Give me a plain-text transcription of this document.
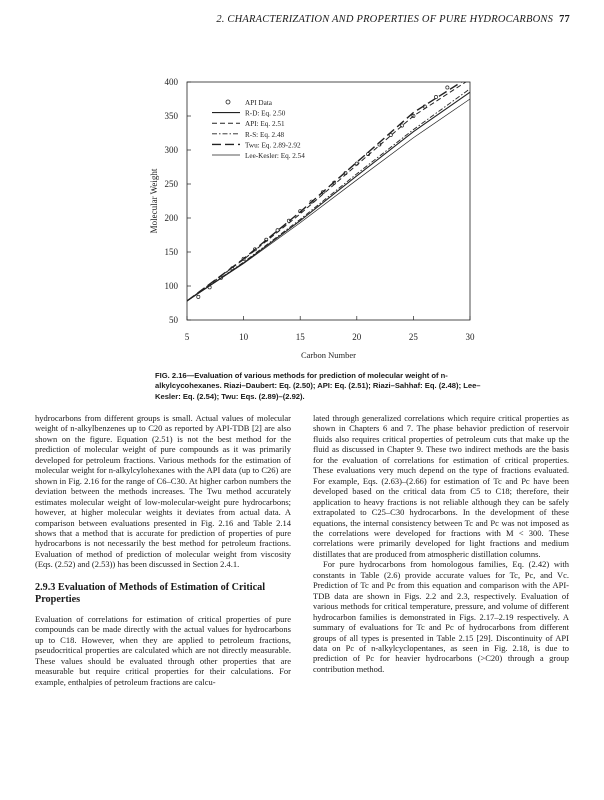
2. CHARACTERIZATION AND PROPERTIES OF PURE HYDROCARBONS 77
5	10	15	20	25	30
50
100
150
200
250
300
350
400
Carbon Number
Molecular Weight
API Data
R-D: Eq. 2.50
API: Eq. 2.51
R-S: Eq. 2.48
Twu: Eq. 2.89-2.92
Lee-Kesler: Eq. 2.54
FIG. 2.16—Evaluation of various methods for prediction of molecular weight of n-alkylcycohexanes. Riazi–Daubert: Eq. (2.50); API: Eq. (2.51); Riazi–Sahhaf: Eq. (2.48); Lee–Kesler: Eq. (2.54); Twu: Eqs. (2.89)–(2.92).

hydrocarbons from different groups is small. Actual values of molecular weight of n-alkylbenzenes up to C20 as reported by API-TDB [2] are also shown on the figure. Equation (2.51) is not the best method for the prediction of molecular weight of pure compounds as it was primarily developed for petroleum fractions. Various methods for the estimation of molecular weight for n-alkylcylohexanes with the API data (up to C26) are shown in Fig. 2.16 for the range of C6–C30. At higher carbon numbers the deviation between the methods increases. The Twu method accurately estimates molecular weight of low-molecular-weight pure hydrocarbons; however, at higher molecular weights it deviates from actual data. A comparison between evaluations presented in Fig. 2.16 and Table 2.14 shows that a method that is accurate for prediction of properties of pure hydrocarbons is not necessarily the best method for petroleum fractions. Evaluation of method of prediction of molecular weight from viscosity (Eqs. (2.52) and (2.53)) has been discussed in Section 2.4.1.

2.9.3 Evaluation of Methods of Estimation of Critical Properties

Evaluation of correlations for estimation of critical properties of pure compounds can be made directly with the actual values for hydrocarbons up to C18. However, when they are applied to petroleum fractions, pseudocritical properties are calculated which are not directly measurable. These values should be evaluated through other properties that are measurable but require critical properties for their calculations. For example, enthalpies of petroleum fractions are calcu-

lated through generalized correlations which require critical properties as shown in Chapters 6 and 7. The phase behavior prediction of reservoir fluids also requires critical properties of petroleum cuts that make up the fluid as discussed in Chapter 9. These two indirect methods are the basis for the evaluation of correlations for estimation of critical properties. These evaluations very much depend on the type of fractions evaluated. For example, Eqs. (2.63)–(2.66) for estimation of Tc and Pc have been developed based on the critical data from C5 to C18; therefore, their application to heavy fractions is not reliable although they can be safely extrapolated to C25–C30 hydrocarbons. In the development of these equations, the internal consistency between Tc and Pc was not imposed as the correlations were developed for fractions with M < 300. These correlations were primarily developed for light fractions and medium distillates that are produced from atmospheric distillation columns.

For pure hydrocarbons from homologous families, Eq. (2.42) with constants in Table (2.6) provide accurate values for Tc, Pc, and Vc. Prediction of Tc and Pc from this equation and comparison with the API-TDB data are shown in Figs. 2.2 and 2.3, respectively. Evaluation of various methods for critical temperature, pressure, and volume of different hydrocarbon families is demonstrated in Figs. 2.17–2.19 respectively. A summary of evaluations for Tc and Pc of hydrocarbons from different groups of all types is presented in Table 2.15 [29]. Discontinuity of API data on Pc of n-alkylcyclopentanes, as seen in Fig. 2.18, is due to prediction of Pc for heavier hydrocarbons (>C20) through a group contribution method.
